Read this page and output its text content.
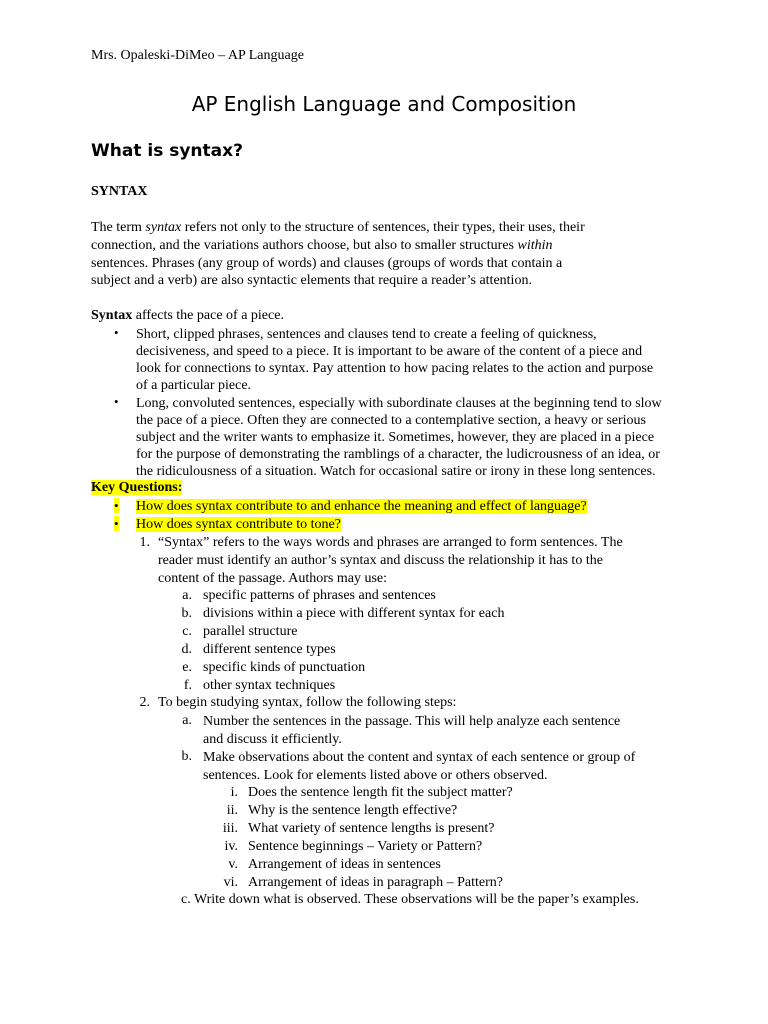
Mrs. Opaleski-DiMeo – AP Language
AP English Language and Composition
What is syntax?
SYNTAX
The term syntax refers not only to the structure of sentences, their types, their uses, their
connection, and the variations authors choose, but also to smaller structures within
sentences. Phrases (any group of words) and clauses (groups of words that contain a
subject and a verb) are also syntactic elements that require a reader’s attention.
Syntax affects the pace of a piece.
• Short, clipped phrases, sentences and clauses tend to create a feeling of quickness,
decisiveness, and speed to a piece. It is important to be aware of the content of a piece and
look for connections to syntax. Pay attention to how pacing relates to the action and purpose
of a particular piece.
• Long, convoluted sentences, especially with subordinate clauses at the beginning tend to slow
the pace of a piece. Often they are connected to a contemplative section, a heavy or serious
subject and the writer wants to emphasize it. Sometimes, however, they are placed in a piece
for the purpose of demonstrating the ramblings of a character, the ludicrousness of an idea, or
the ridiculousness of a situation. Watch for occasional satire or irony in these long sentences.
Key Questions:
• How does syntax contribute to and enhance the meaning and effect of language?
• How does syntax contribute to tone?
1. “Syntax” refers to the ways words and phrases are arranged to form sentences. The
reader must identify an author’s syntax and discuss the relationship it has to the
content of the passage. Authors may use:
a. specific patterns of phrases and sentences
b. divisions within a piece with different syntax for each
c. parallel structure
d. different sentence types
e. specific kinds of punctuation
f. other syntax techniques
2. To begin studying syntax, follow the following steps:
a. Number the sentences in the passage. This will help analyze each sentence
and discuss it efficiently.
b. Make observations about the content and syntax of each sentence or group of
sentences. Look for elements listed above or others observed.
i. Does the sentence length fit the subject matter?
ii. Why is the sentence length effective?
iii. What variety of sentence lengths is present?
iv. Sentence beginnings – Variety or Pattern?
v. Arrangement of ideas in sentences
vi. Arrangement of ideas in paragraph – Pattern?
c. Write down what is observed. These observations will be the paper’s examples.
